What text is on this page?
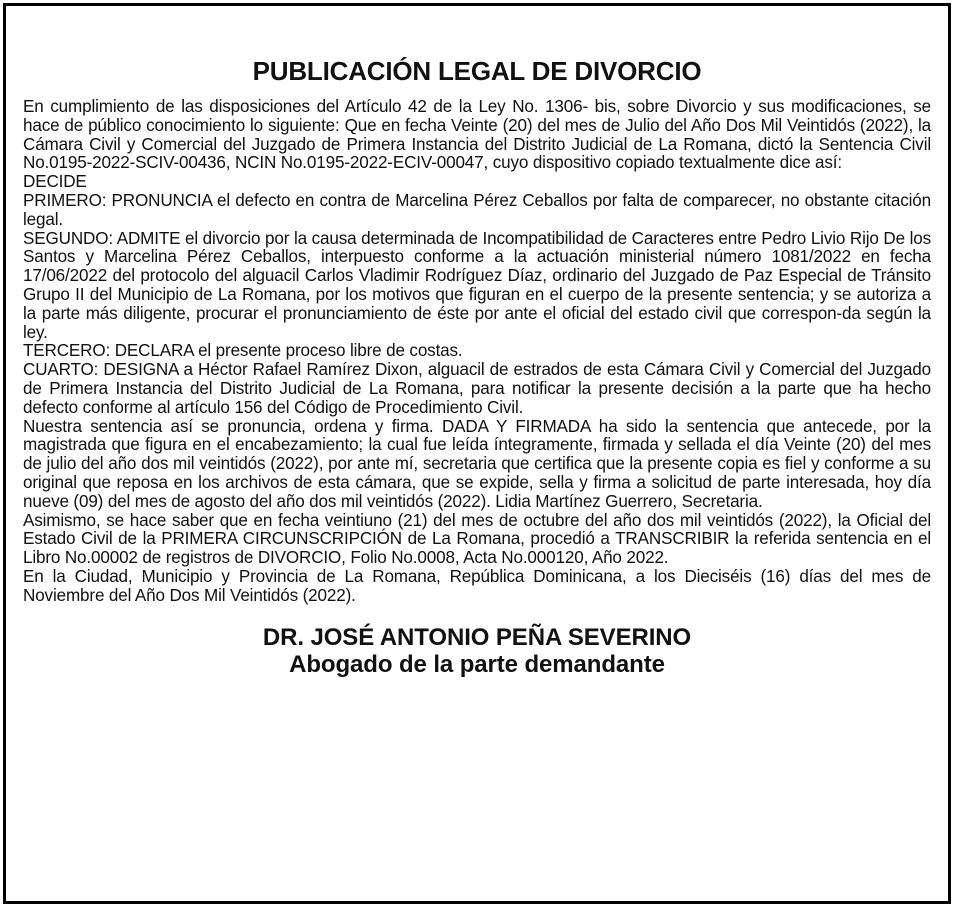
PUBLICACIÓN LEGAL DE DIVORCIO

En cumplimiento de las disposiciones del Artículo 42 de la Ley No. 1306- bis, sobre Divorcio y sus modificaciones, se hace de público conocimiento lo siguiente: Que en fecha Veinte (20) del mes de Julio del Año Dos Mil Veintidós (2022), la Cámara Civil y Comercial del Juzgado de Primera Instancia del Distrito Judicial de La Romana, dictó la Sentencia Civil No.0195-2022-SCIV-00436, NCIN No.0195-2022-ECIV-00047, cuyo dispositivo copiado textualmente dice así:

DECIDE

PRIMERO: PRONUNCIA el defecto en contra de Marcelina Pérez Ceballos por falta de comparecer, no obstante citación legal.

SEGUNDO: ADMITE el divorcio por la causa determinada de Incompatibilidad de Caracteres entre Pedro Livio Rijo De los Santos y Marcelina Pérez Ceballos, interpuesto conforme a la actuación ministerial número 1081/2022 en fecha 17/06/2022 del protocolo del alguacil Carlos Vladimir Rodríguez Díaz, ordinario del Juzgado de Paz Especial de Tránsito Grupo II del Municipio de La Romana, por los motivos que figuran en el cuerpo de la presente sentencia; y se autoriza a la parte más diligente, procurar el pronunciamiento de éste por ante el oficial del estado civil que correspon-da según la ley.

TERCERO: DECLARA el presente proceso libre de costas.

CUARTO: DESIGNA a Héctor Rafael Ramírez Dixon, alguacil de estrados de esta Cámara Civil y Comercial del Juzgado de Primera Instancia del Distrito Judicial de La Romana, para notificar la presente decisión a la parte que ha hecho defecto conforme al artículo 156 del Código de Procedimiento Civil.

Nuestra sentencia así se pronuncia, ordena y firma. DADA Y FIRMADA ha sido la sentencia que antecede, por la magistrada que figura en el encabezamiento; la cual fue leída íntegramente, firmada y sellada el día Veinte (20) del mes de julio del año dos mil veintidós (2022), por ante mí, secretaria que certifica que la presente copia es fiel y conforme a su original que reposa en los archivos de esta cámara, que se expide, sella y firma a solicitud de parte interesada, hoy día nueve (09) del mes de agosto del año dos mil veintidós (2022). Lidia Martínez Guerrero, Secretaria.

Asimismo, se hace saber que en fecha veintiuno (21) del mes de octubre del año dos mil veintidós (2022), la Oficial del Estado Civil de la PRIMERA CIRCUNSCRIPCIÓN de La Romana, procedió a TRANSCRIBIR la referida sentencia en el Libro No.00002 de registros de DIVORCIO, Folio No.0008, Acta No.000120, Año 2022.

En la Ciudad, Municipio y Provincia de La Romana, República Dominicana, a los Dieciséis (16) días del mes de Noviembre del Año Dos Mil Veintidós (2022).

DR. JOSÉ ANTONIO PEÑA SEVERINO
Abogado de la parte demandante
